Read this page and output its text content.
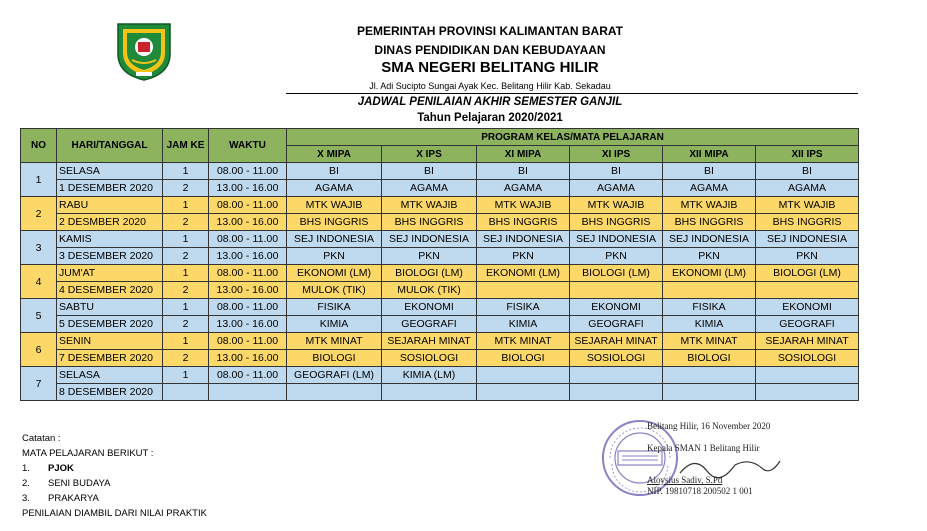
PEMERINTAH PROVINSI KALIMANTAN BARAT
DINAS PENDIDIKAN DAN KEBUDAYAAN
SMA NEGERI BELITANG HILIR
Jl. Adi Sucipto Sungai Ayak Kec. Belitang Hilir Kab. Sekadau
JADWAL PENILAIAN AKHIR SEMESTER GANJIL
Tahun Pelajaran 2020/2021
NO	HARI/TANGGAL	JAM KE	WAKTU	PROGRAM KELAS/MATA PELAJARAN					
				X MIPA	X IPS	XI MIPA	XI IPS	XII MIPA	XII IPS
1	SELASA	1	08.00 - 11.00	BI	BI	BI	BI	BI	BI
	1 DESEMBER 2020	2	13.00 - 16.00	AGAMA	AGAMA	AGAMA	AGAMA	AGAMA	AGAMA
2	RABU	1	08.00 - 11.00	MTK WAJIB	MTK WAJIB	MTK WAJIB	MTK WAJIB	MTK WAJIB	MTK WAJIB
	2 DESMBER 2020	2	13.00 - 16.00	BHS INGGRIS	BHS INGGRIS	BHS INGGRIS	BHS INGGRIS	BHS INGGRIS	BHS INGGRIS
3	KAMIS	1	08.00 - 11.00	SEJ INDONESIA	SEJ INDONESIA	SEJ INDONESIA	SEJ INDONESIA	SEJ INDONESIA	SEJ INDONESIA
	3 DESEMBER 2020	2	13.00 - 16.00	PKN	PKN	PKN	PKN	PKN	PKN
4	JUM'AT	1	08.00 - 11.00	EKONOMI (LM)	BIOLOGI (LM)	EKONOMI (LM)	BIOLOGI (LM)	EKONOMI (LM)	BIOLOGI (LM)
	4 DESEMBER 2020	2	13.00 - 16.00	MULOK (TIK)	MULOK (TIK)				
5	SABTU	1	08.00 - 11.00	FISIKA	EKONOMI	FISIKA	EKONOMI	FISIKA	EKONOMI
	5 DESEMBER 2020	2	13.00 - 16.00	KIMIA	GEOGRAFI	KIMIA	GEOGRAFI	KIMIA	GEOGRAFI
6	SENIN	1	08.00 - 11.00	MTK MINAT	SEJARAH MINAT	MTK MINAT	SEJARAH MINAT	MTK MINAT	SEJARAH MINAT
	7 DESEMBER 2020	2	13.00 - 16.00	BIOLOGI	SOSIOLOGI	BIOLOGI	SOSIOLOGI	BIOLOGI	SOSIOLOGI
7	SELASA	1	08.00 - 11.00	GEOGRAFI (LM)	KIMIA (LM)				
	8 DESEMBER 2020								
Catatan :
MATA PELAJARAN BERIKUT :
1. PJOK
2. SENI BUDAYA
3. PRAKARYA
PENILAIAN DIAMBIL DARI NILAI PRAKTIK
Belitang Hilir, 16 November 2020
Kepala SMAN 1 Belitang Hilir
Aloysius Sadiv, S.Pd
NIP. 19810718 200502 1 001
